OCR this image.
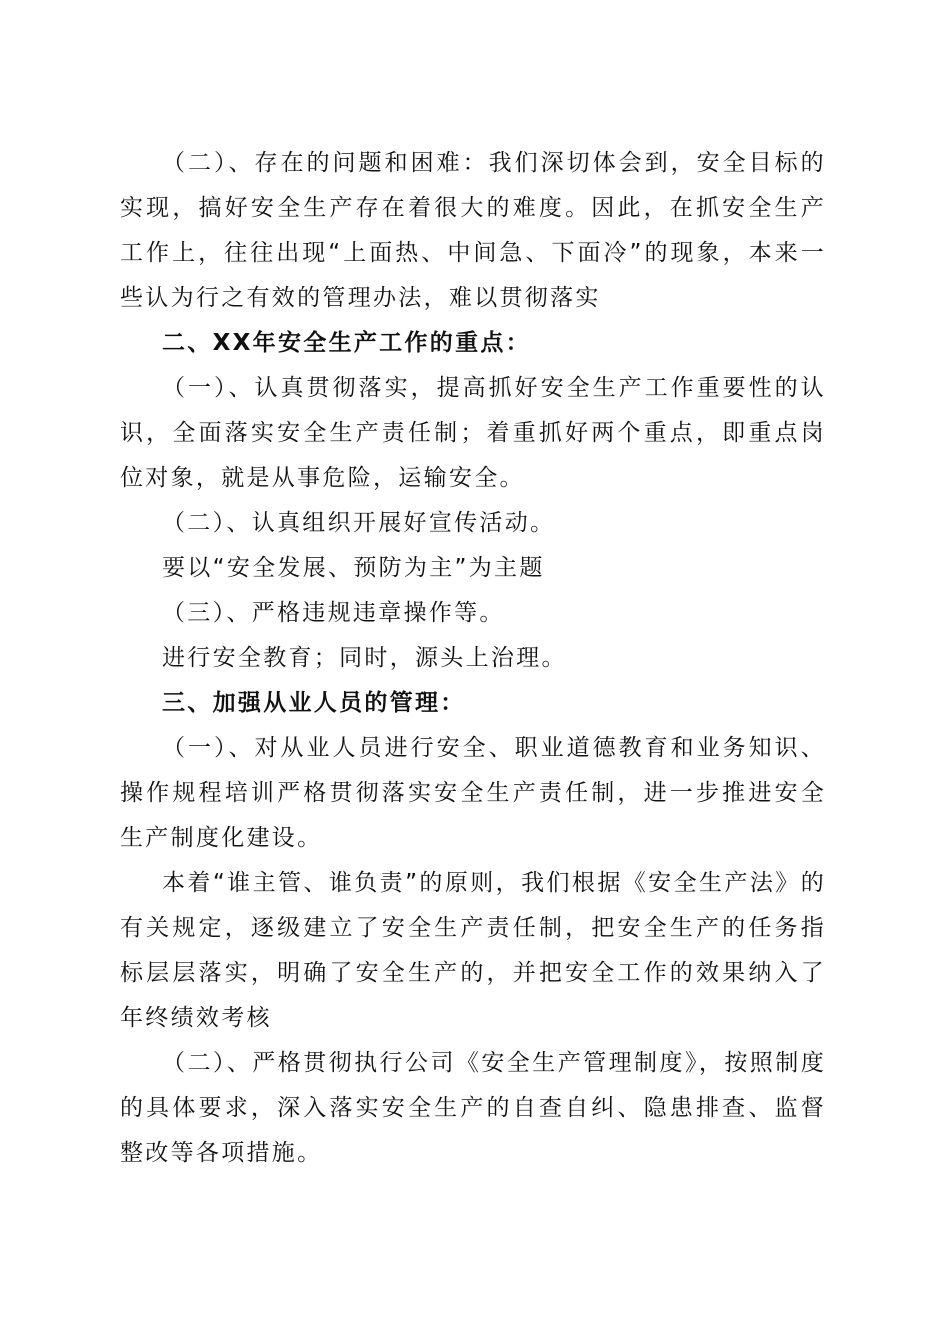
（二）、存在的问题和困难：我们深切体会到，安全目标的实现，搞好安全生产存在着很大的难度。因此，在抓安全生产工作上，往往出现“上面热、中间急、下面冷”的现象，本来一些认为行之有效的管理办法，难以贯彻落实

二、XX年安全生产工作的重点：

（一）、认真贯彻落实，提高抓好安全生产工作重要性的认识，全面落实安全生产责任制；着重抓好两个重点，即重点岗位对象，就是从事危险，运输安全。

（二）、认真组织开展好宣传活动。

要以“安全发展、预防为主”为主题

（三）、严格违规违章操作等。

进行安全教育；同时，源头上治理。

三、加强从业人员的管理：

（一）、对从业人员进行安全、职业道德教育和业务知识、操作规程培训严格贯彻落实安全生产责任制，进一步推进安全生产制度化建设。

本着“谁主管、谁负责”的原则，我们根据《安全生产法》的有关规定，逐级建立了安全生产责任制，把安全生产的任务指标层层落实，明确了安全生产的，并把安全工作的效果纳入了年终绩效考核

（二）、严格贯彻执行公司《安全生产管理制度》，按照制度的具体要求，深入落实安全生产的自查自纠、隐患排查、监督整改等各项措施。
